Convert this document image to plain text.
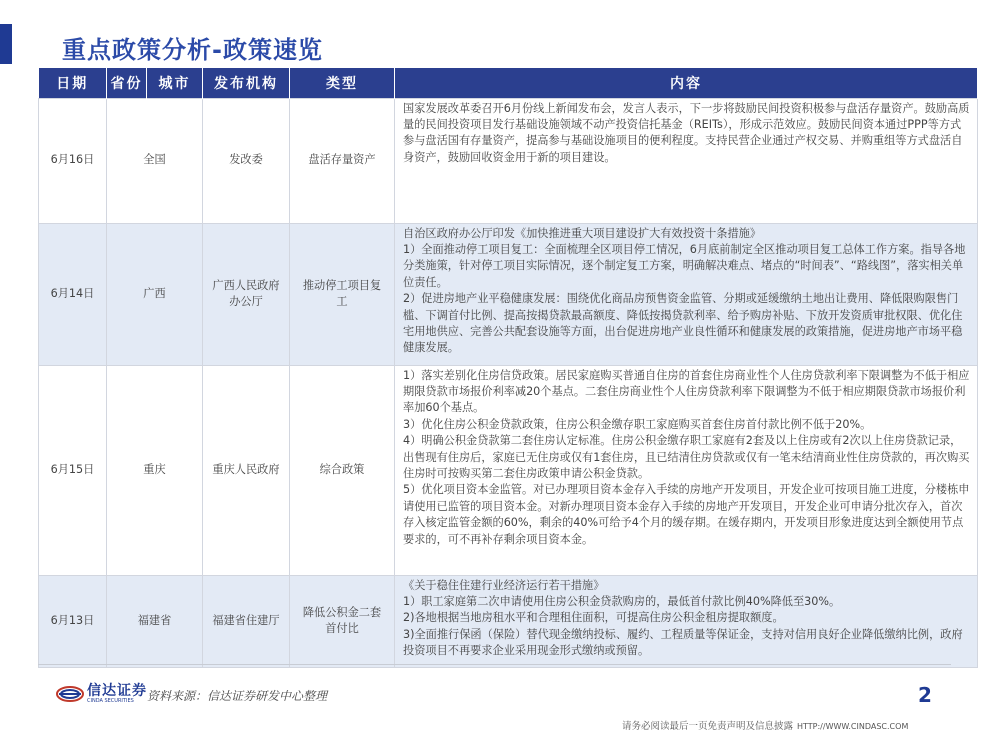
重点政策分析-政策速览
日期	省份	城市	发布机构	类型	内容
6月16日	全国		发改委	盘活存量资产	国家发展改革委召开6月份线上新闻发布会，发言人表示，下一步将鼓励民间投资积极参与盘活存量资产。鼓励高质量的民间投资项目发行基础设施领域不动产投资信托基金（REITs），形成示范效应。鼓励民间资本通过PPP等方式参与盘活国有存量资产，提高参与基础设施项目的便利程度。支持民营企业通过产权交易、并购重组等方式盘活自身资产，鼓励回收资金用于新的项目建设。
6月14日	广西		广西人民政府办公厅	推动停工项目复工	自治区政府办公厅印发《加快推进重大项目建设扩大有效投资十条措施》
1）全面推动停工项目复工：全面梳理全区项目停工情况，6月底前制定全区推动项目复工总体工作方案。指导各地分类施策，针对停工项目实际情况，逐个制定复工方案，明确解决难点、堵点的“时间表”、“路线图”，落实相关单位责任。
2）促进房地产业平稳健康发展：围绕优化商品房预售资金监管、分期或延缓缴纳土地出让费用、降低限购限售门槛、下调首付比例、提高按揭贷款最高额度、降低按揭贷款利率、给予购房补贴、下放开发资质审批权限、优化住宅用地供应、完善公共配套设施等方面，出台促进房地产业良性循环和健康发展的政策措施，促进房地产市场平稳健康发展。
6月15日	重庆		重庆人民政府	综合政策	1）落实差别化住房信贷政策。居民家庭购买普通自住房的首套住房商业性个人住房贷款利率下限调整为不低于相应期限贷款市场报价利率减20个基点。二套住房商业性个人住房贷款利率下限调整为不低于相应期限贷款市场报价利率加60个基点。
3）优化住房公积金贷款政策，住房公积金缴存职工家庭购买首套住房首付款比例不低于20%。
4）明确公积金贷款第二套住房认定标准。住房公积金缴存职工家庭有2套及以上住房或有2次以上住房贷款记录，出售现有住房后，家庭已无住房或仅有1套住房，且已结清住房贷款或仅有一笔未结清商业性住房贷款的，再次购买住房时可按购买第二套住房政策申请公积金贷款。
5）优化项目资本金监管。对已办理项目资本金存入手续的房地产开发项目，开发企业可按项目施工进度，分楼栋申请使用已监管的项目资本金。对新办理项目资本金存入手续的房地产开发项目，开发企业可申请分批次存入，首次存入核定监管金额的60%，剩余的40%可给予4个月的缓存期。在缓存期内，开发项目形象进度达到全额使用节点要求的，可不再补存剩余项目资本金。
6月13日	福建省		福建省住建厅	降低公积金二套首付比	《关于稳住住建行业经济运行若干措施》
1）职工家庭第二次申请使用住房公积金贷款购房的，最低首付款比例40%降低至30%。
2)各地根据当地房租水平和合理租住面积，可提高住房公积金租房提取额度。
3)全面推行保函（保险）替代现金缴纳投标、履约、工程质量等保证金，支持对信用良好企业降低缴纳比例，政府投资项目不再要求企业采用现金形式缴纳或预留。
信达证券
CINDA SECURITIES	资料来源：信达证券研发中心整理	2
请务必阅读最后一页免责声明及信息披露 HTTP://WWW.CINDASC.COM
